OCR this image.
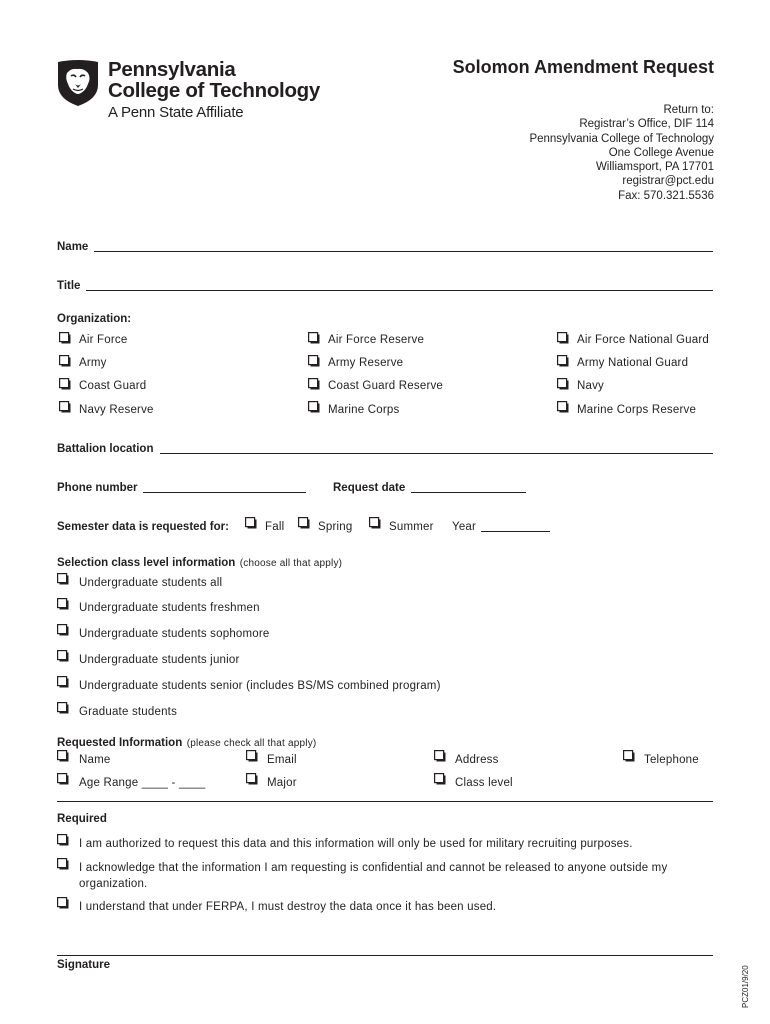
Pennsylvania
College of Technology
A Penn State Affiliate
Solomon Amendment Request
Return to:
Registrar’s Office, DIF 114
Pennsylvania College of Technology
One College Avenue
Williamsport, PA 17701
registrar@pct.edu
Fax: 570.321.5536
Name
Title
Organization:
Air Force	Air Force Reserve	Air Force National Guard
Army	Army Reserve	Army National Guard
Coast Guard	Coast Guard Reserve	Navy
Navy Reserve	Marine Corps	Marine Corps Reserve
Battalion location
Phone number	Request date
Semester data is requested for:	Fall	Spring	Summer Year
Selection class level information (choose all that apply)
Undergraduate students all
Undergraduate students freshmen
Undergraduate students sophomore
Undergraduate students junior
Undergraduate students senior (includes BS/MS combined program)
Graduate students
Requested Information (please check all that apply)
Name	Email	Address	Telephone
Age Range ____ - ____	Major	Class level
Required
I am authorized to request this data and this information will only be used for military recruiting purposes.
I acknowledge that the information I am requesting is confidential and cannot be released to anyone outside my
organization.
I understand that under FERPA, I must destroy the data once it has been used.
Signature
PCZ01/9/20
